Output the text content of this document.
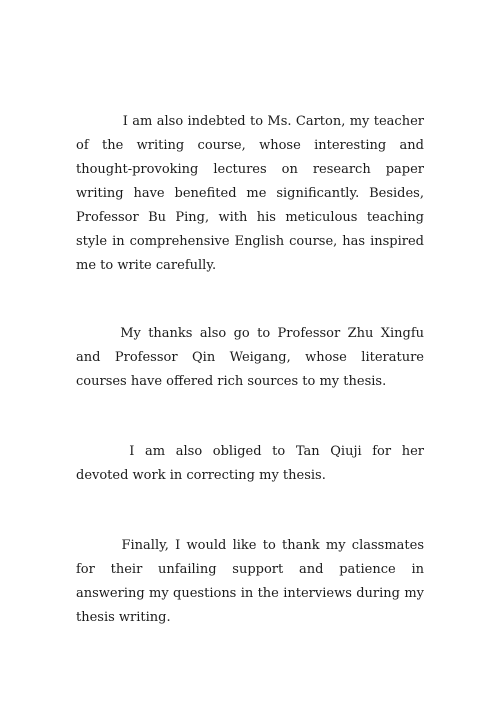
I am also indebted to Ms. Carton, my teacher of the writing course, whose interesting and thought-provoking lectures on research paper writing have benefited me significantly. Besides, Professor Bu Ping, with his meticulous teaching style in comprehensive English course, has inspired me to write carefully.

My thanks also go to Professor Zhu Xingfu and Professor Qin Weigang, whose literature courses have offered rich sources to my thesis.

I am also obliged to Tan Qiuji for her devoted work in correcting my thesis.

Finally, I would like to thank my classmates for their unfailing support and patience in answering my questions in the interviews during my thesis writing.
